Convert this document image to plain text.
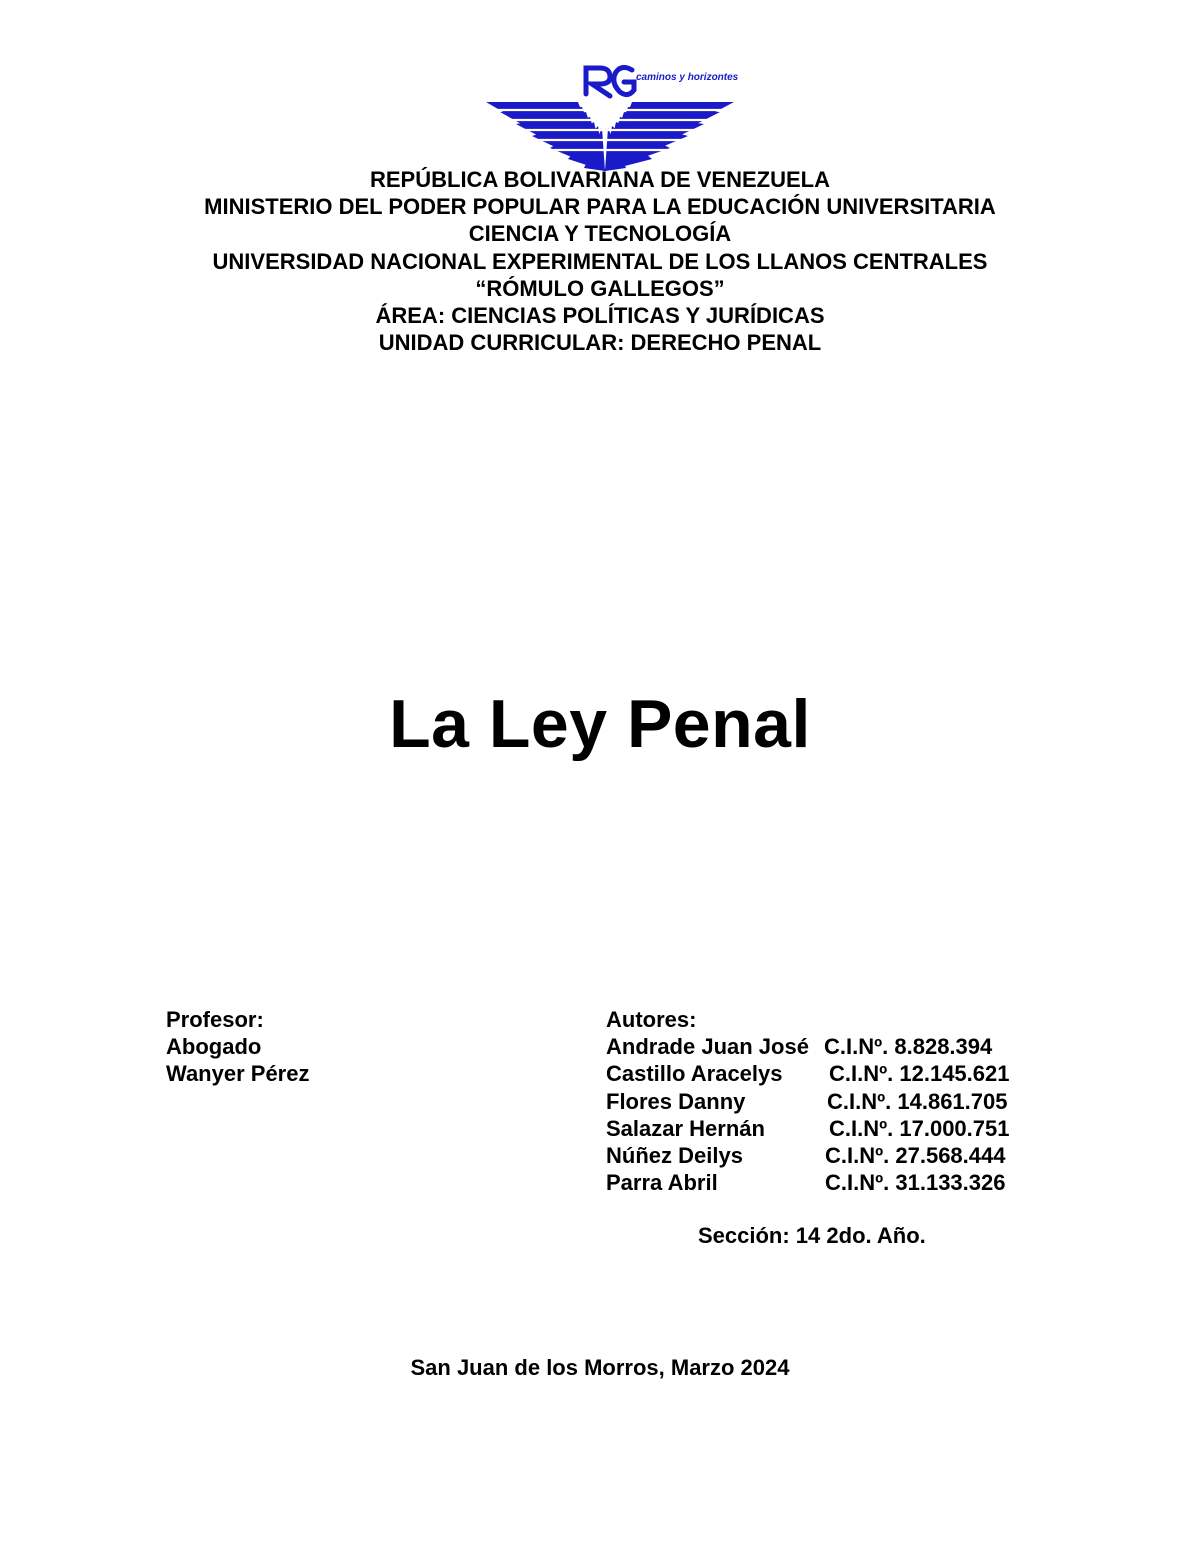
caminos y horizontes
REPÚBLICA BOLIVARIANA DE VENEZUELA
MINISTERIO DEL PODER POPULAR PARA LA EDUCACIÓN UNIVERSITARIA
CIENCIA Y TECNOLOGÍA
UNIVERSIDAD NACIONAL EXPERIMENTAL DE LOS LLANOS CENTRALES
“RÓMULO GALLEGOS”
ÁREA: CIENCIAS POLÍTICAS Y JURÍDICAS
UNIDAD CURRICULAR: DERECHO PENAL
La Ley Penal
Profesor:
Abogado
Wanyer Pérez
Autores:
Andrade Juan José C.I.Nº. 8.828.394
Castillo Aracelys C.I.Nº. 12.145.621
Flores Danny	C.I.Nº. 14.861.705
Salazar Hernán	C.I.Nº. 17.000.751
Núñez Deilys	C.I.Nº. 27.568.444
Parra Abril	C.I.Nº. 31.133.326
Sección: 14 2do. Año.
San Juan de los Morros, Marzo 2024
